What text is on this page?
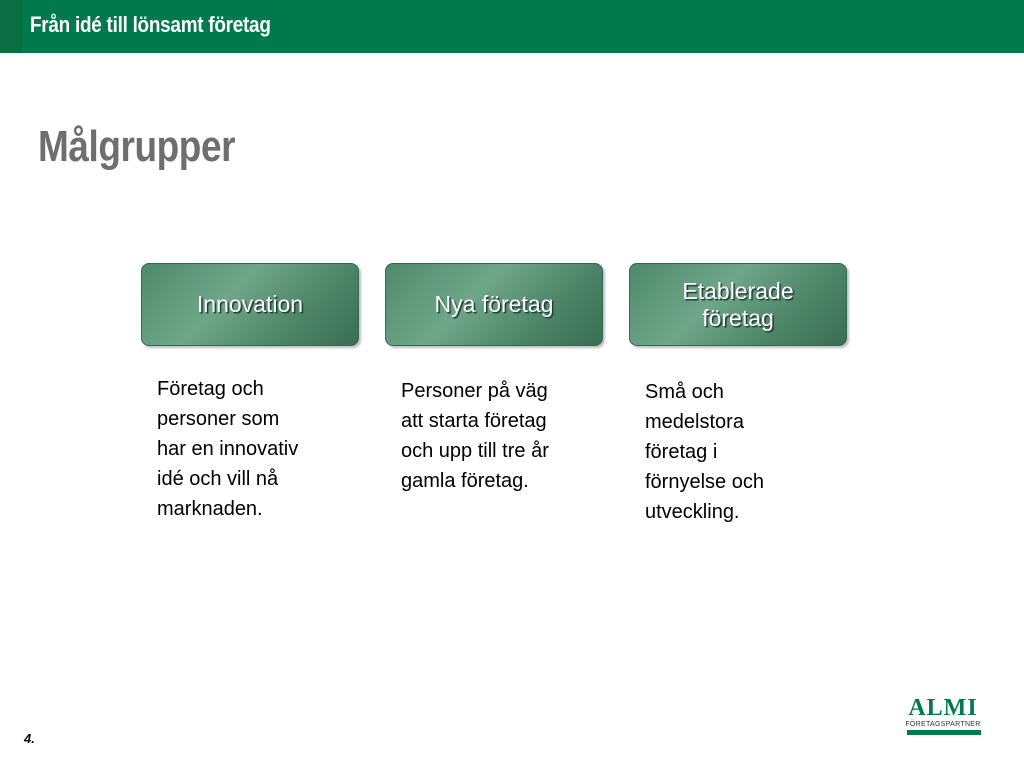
Från idé till lönsamt företag
Målgrupper
Innovation	Nya företag
Etablerade
företag
Företag och
personer som
har en innovativ
idé och vill nå
marknaden.
Personer på väg
att starta företag
och upp till tre år
gamla företag.
Små och
medelstora
företag i
förnyelse och
utveckling.
4.
ALMI
FÖRETAGSPARTNER
